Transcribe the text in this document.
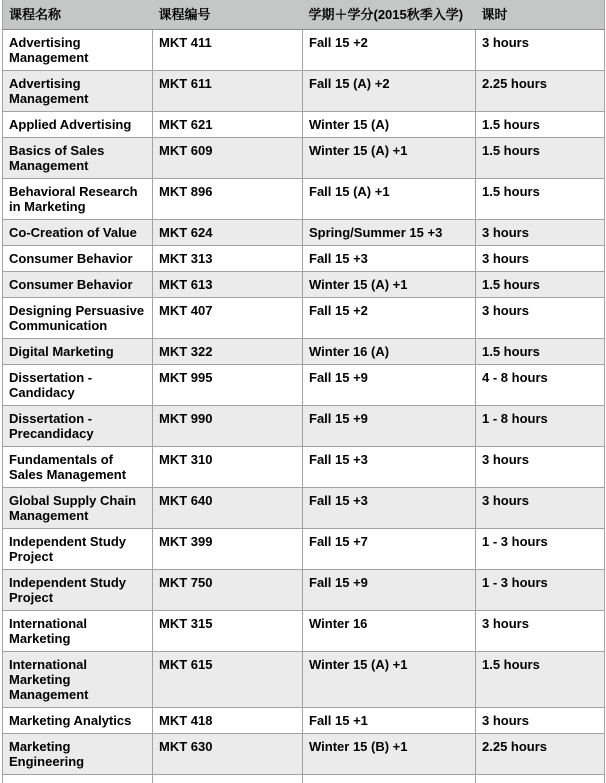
课程名称	课程编号	学期＋学分(2015秋季入学)	课时
Advertising Management	MKT 411	Fall 15 +2	3 hours
Advertising Management	MKT 611	Fall 15 (A) +2	2.25 hours
Applied Advertising	MKT 621	Winter 15 (A)	1.5 hours
Basics of Sales Management	MKT 609	Winter 15 (A) +1	1.5 hours
Behavioral Research in Marketing	MKT 896	Fall 15 (A) +1	1.5 hours
Co-Creation of Value	MKT 624	Spring/Summer 15 +3	3 hours
Consumer Behavior	MKT 313	Fall 15 +3	3 hours
Consumer Behavior	MKT 613	Winter 15 (A) +1	1.5 hours
Designing Persuasive Communication	MKT 407	Fall 15 +2	3 hours
Digital Marketing	MKT 322	Winter 16 (A)	1.5 hours
Dissertation - Candidacy	MKT 995	Fall 15 +9	4 - 8 hours
Dissertation - Precandidacy	MKT 990	Fall 15 +9	1 - 8 hours
Fundamentals of Sales Management	MKT 310	Fall 15 +3	3 hours
Global Supply Chain Management	MKT 640	Fall 15 +3	3 hours
Independent Study Project	MKT 399	Fall 15 +7	1 - 3 hours
Independent Study Project	MKT 750	Fall 15 +9	1 - 3 hours
International Marketing	MKT 315	Winter 16	3 hours
International Marketing Management	MKT 615	Winter 15 (A) +1	1.5 hours
Marketing Analytics	MKT 418	Fall 15 +1	3 hours
Marketing Engineering	MKT 630	Winter 15 (B) +1	2.25 hours
